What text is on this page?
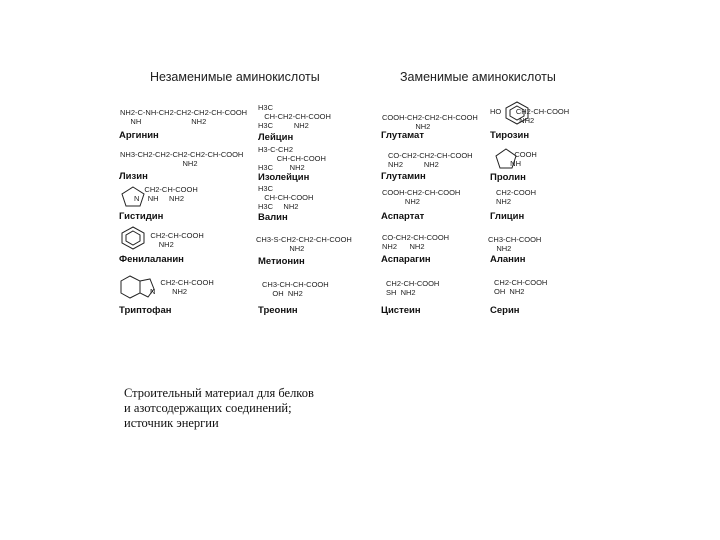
Незаменимые аминокислоты	Заменимые аминокислоты
NH2-C-NH-CH2-CH2-CH2-CH-COOH
NH                        NH2
Аргинин
NH3-CH2-CH2-CH2-CH2-CH-COOH
NH2
Лизин
CH2-CH-COOH
N    NH     NH2
Гистидин
CH2-CH-COOH
NH2
Фенилаланин
CH2-CH-COOH
N        NH2
Триптофан
H3C
CH-CH2-CH-COOH
H3C          NH2
Лейцин
H3-C-CH2
CH-CH-COOH
H3C        NH2
Изолейцин
H3C
CH-CH-COOH
H3C     NH2
Валин
CH3-S-CH2-CH2-CH-COOH
NH2
Метионин
CH3-CH-CH-COOH
OH  NH2
Треонин
COOH-CH2-CH2-CH-COOH
NH2
Глутамат
CO-CH2-CH2-CH-COOH
NH2          NH2
Глутамин
COOH-CH2-CH-COOH
NH2
Аспартат
CO-CH2-CH-COOH
NH2      NH2
Аспарагин
CH2-CH-COOH
SH  NH2
Цистеин
HO       CH2-CH-COOH
NH2
Тирозин
COOH
NH
Пролин
CH2-COOH
NH2
Глицин
CH3-CH-COOH
NH2
Аланин
CH2-CH-COOH
OH  NH2
Серин
Строительный материал для белков
и азотсодержащих соединений;
источник энергии
